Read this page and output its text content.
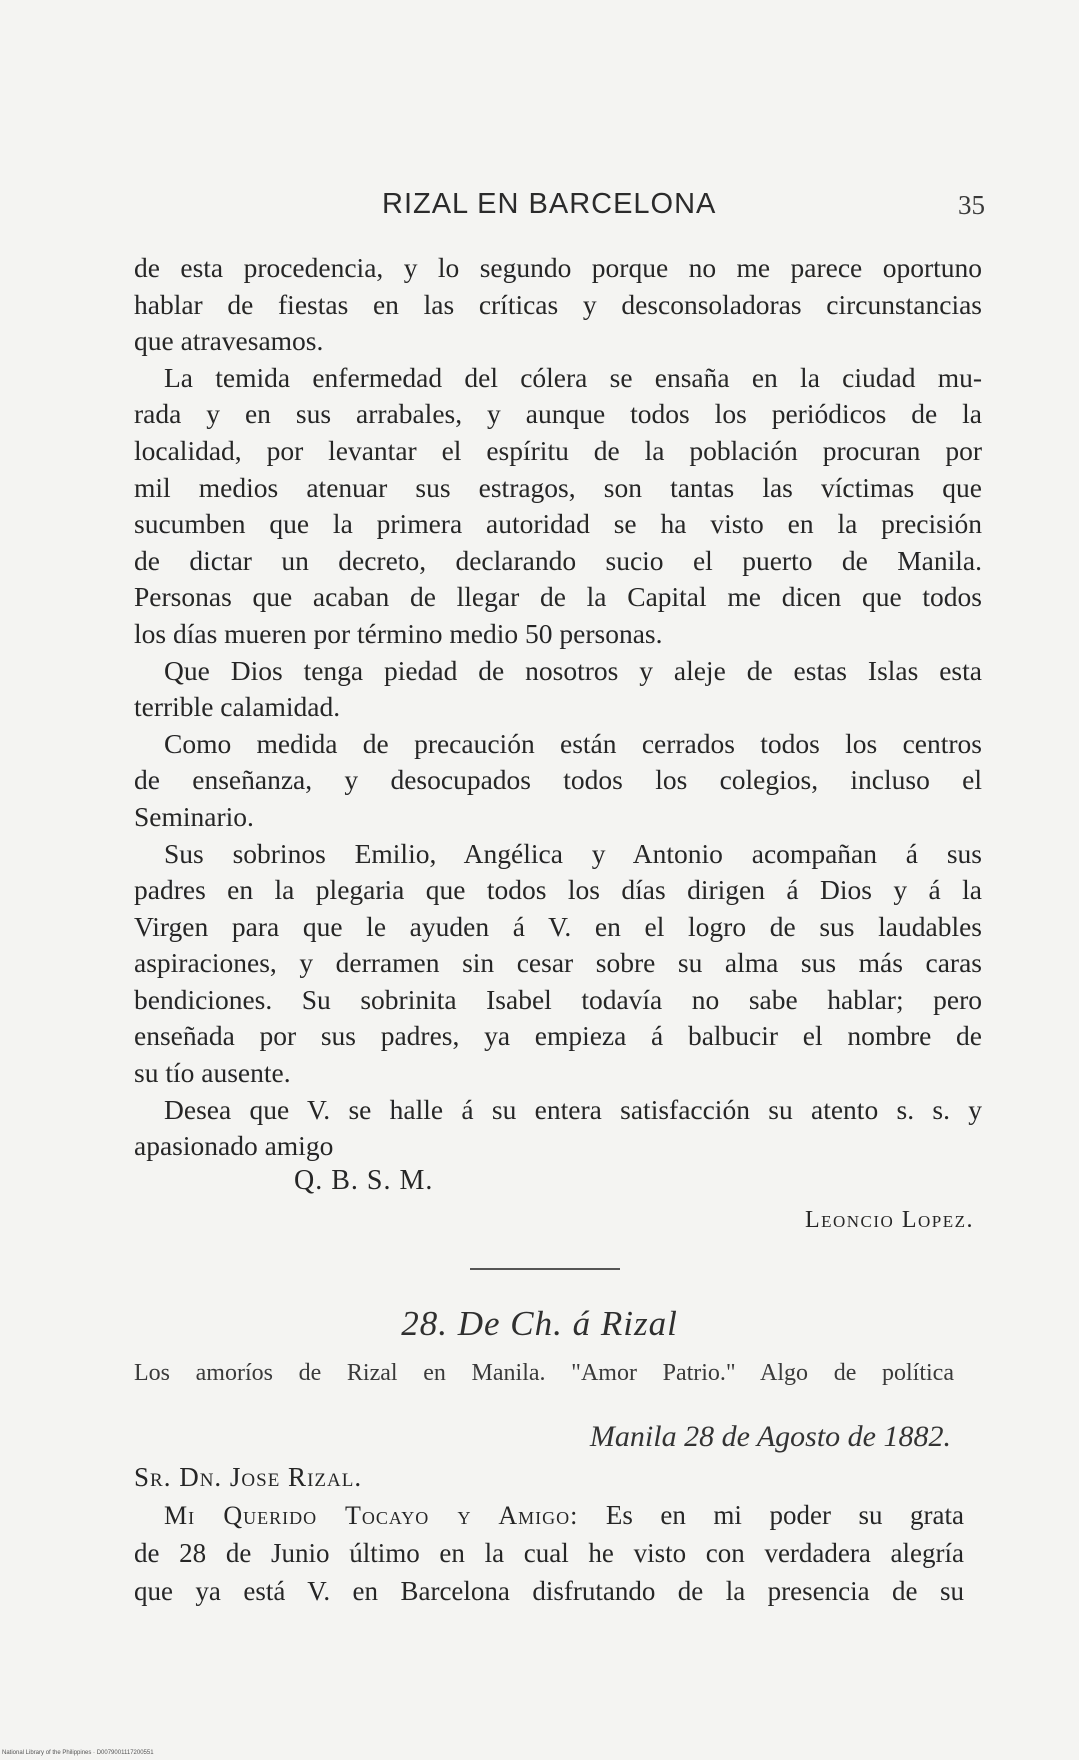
RIZAL EN BARCELONA	35
de esta procedencia, y lo segundo porque no me parece oportuno
hablar de fiestas en las críticas y desconsoladoras circunstancias
que atravesamos.
La temida enfermedad del cólera se ensaña en la ciudad mu-
rada y en sus arrabales, y aunque todos los periódicos de la
localidad, por levantar el espíritu de la población procuran por
mil medios atenuar sus estragos, son tantas las víctimas que
sucumben que la primera autoridad se ha visto en la precisión
de dictar un decreto, declarando sucio el puerto de Manila.
Personas que acaban de llegar de la Capital me dicen que todos
los días mueren por término medio 50 personas.
Que Dios tenga piedad de nosotros y aleje de estas Islas esta
terrible calamidad.
Como medida de precaución están cerrados todos los centros
de enseñanza, y desocupados todos los colegios, incluso el
Seminario.
Sus sobrinos Emilio, Angélica y Antonio acompañan á sus
padres en la plegaria que todos los días dirigen á Dios y á la
Virgen para que le ayuden á V. en el logro de sus laudables
aspiraciones, y derramen sin cesar sobre su alma sus más caras
bendiciones. Su sobrinita Isabel todavía no sabe hablar; pero
enseñada por sus padres, ya empieza á balbucir el nombre de
su tío ausente.
Desea que V. se halle á su entera satisfacción su atento s. s. y
apasionado amigo
Q. B. S. M.
Leoncio Lopez.
28. De Ch. á Rizal
Los amoríos de Rizal en Manila. "Amor Patrio." Algo de política
Manila 28 de Agosto de 1882.
Sr. Dn. Jose Rizal.
Mi Querido Tocayo y Amigo: Es en mi poder su grata
de 28 de Junio último en la cual he visto con verdadera alegría
que ya está V. en Barcelona disfrutando de la presencia de su
National Library of the Philippines · D0079001117200551
